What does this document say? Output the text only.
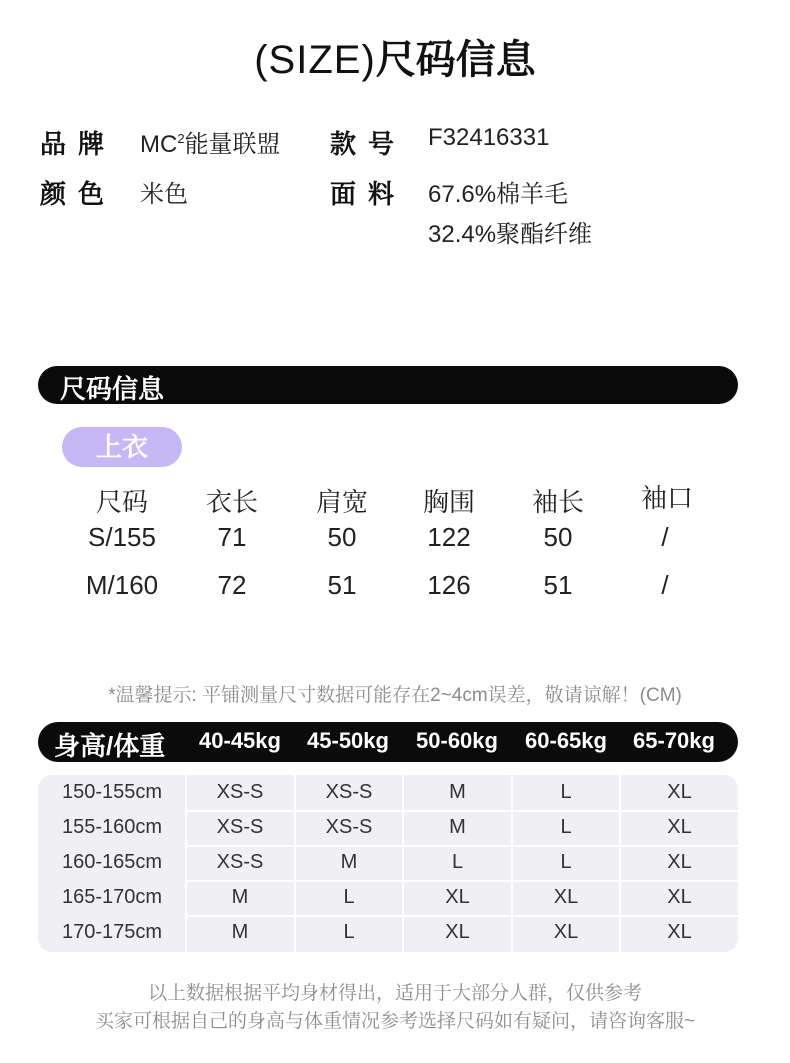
(SIZE)尺码信息
品牌 $MC^2$能量联盟 款号 F32416331
颜色 米色	面料 67.6%棉羊毛
32.4%聚酯纤维
尺码信息
上衣
尺码	衣长	肩宽	胸围	袖长	袖口
S/155	71	50	122	50	/
M/160	72	51	126	51	/
*温馨提示: 平铺测量尺寸数据可能存在2~4cm误差，敬请谅解！(CM)
身高/体重	40-45kg	45-50kg	50-60kg	60-65kg	65-70kg
150-155cm	XS-S	XS-S	M	L	XL
155-160cm	XS-S	XS-S	M	L	XL
160-165cm	XS-S	M	L	L	XL
165-170cm	M	L	XL	XL	XL
170-175cm	M	L	XL	XL	XL
以上数据根据平均身材得出，适用于大部分人群，仅供参考
买家可根据自己的身高与体重情况参考选择尺码如有疑问，请咨询客服~
